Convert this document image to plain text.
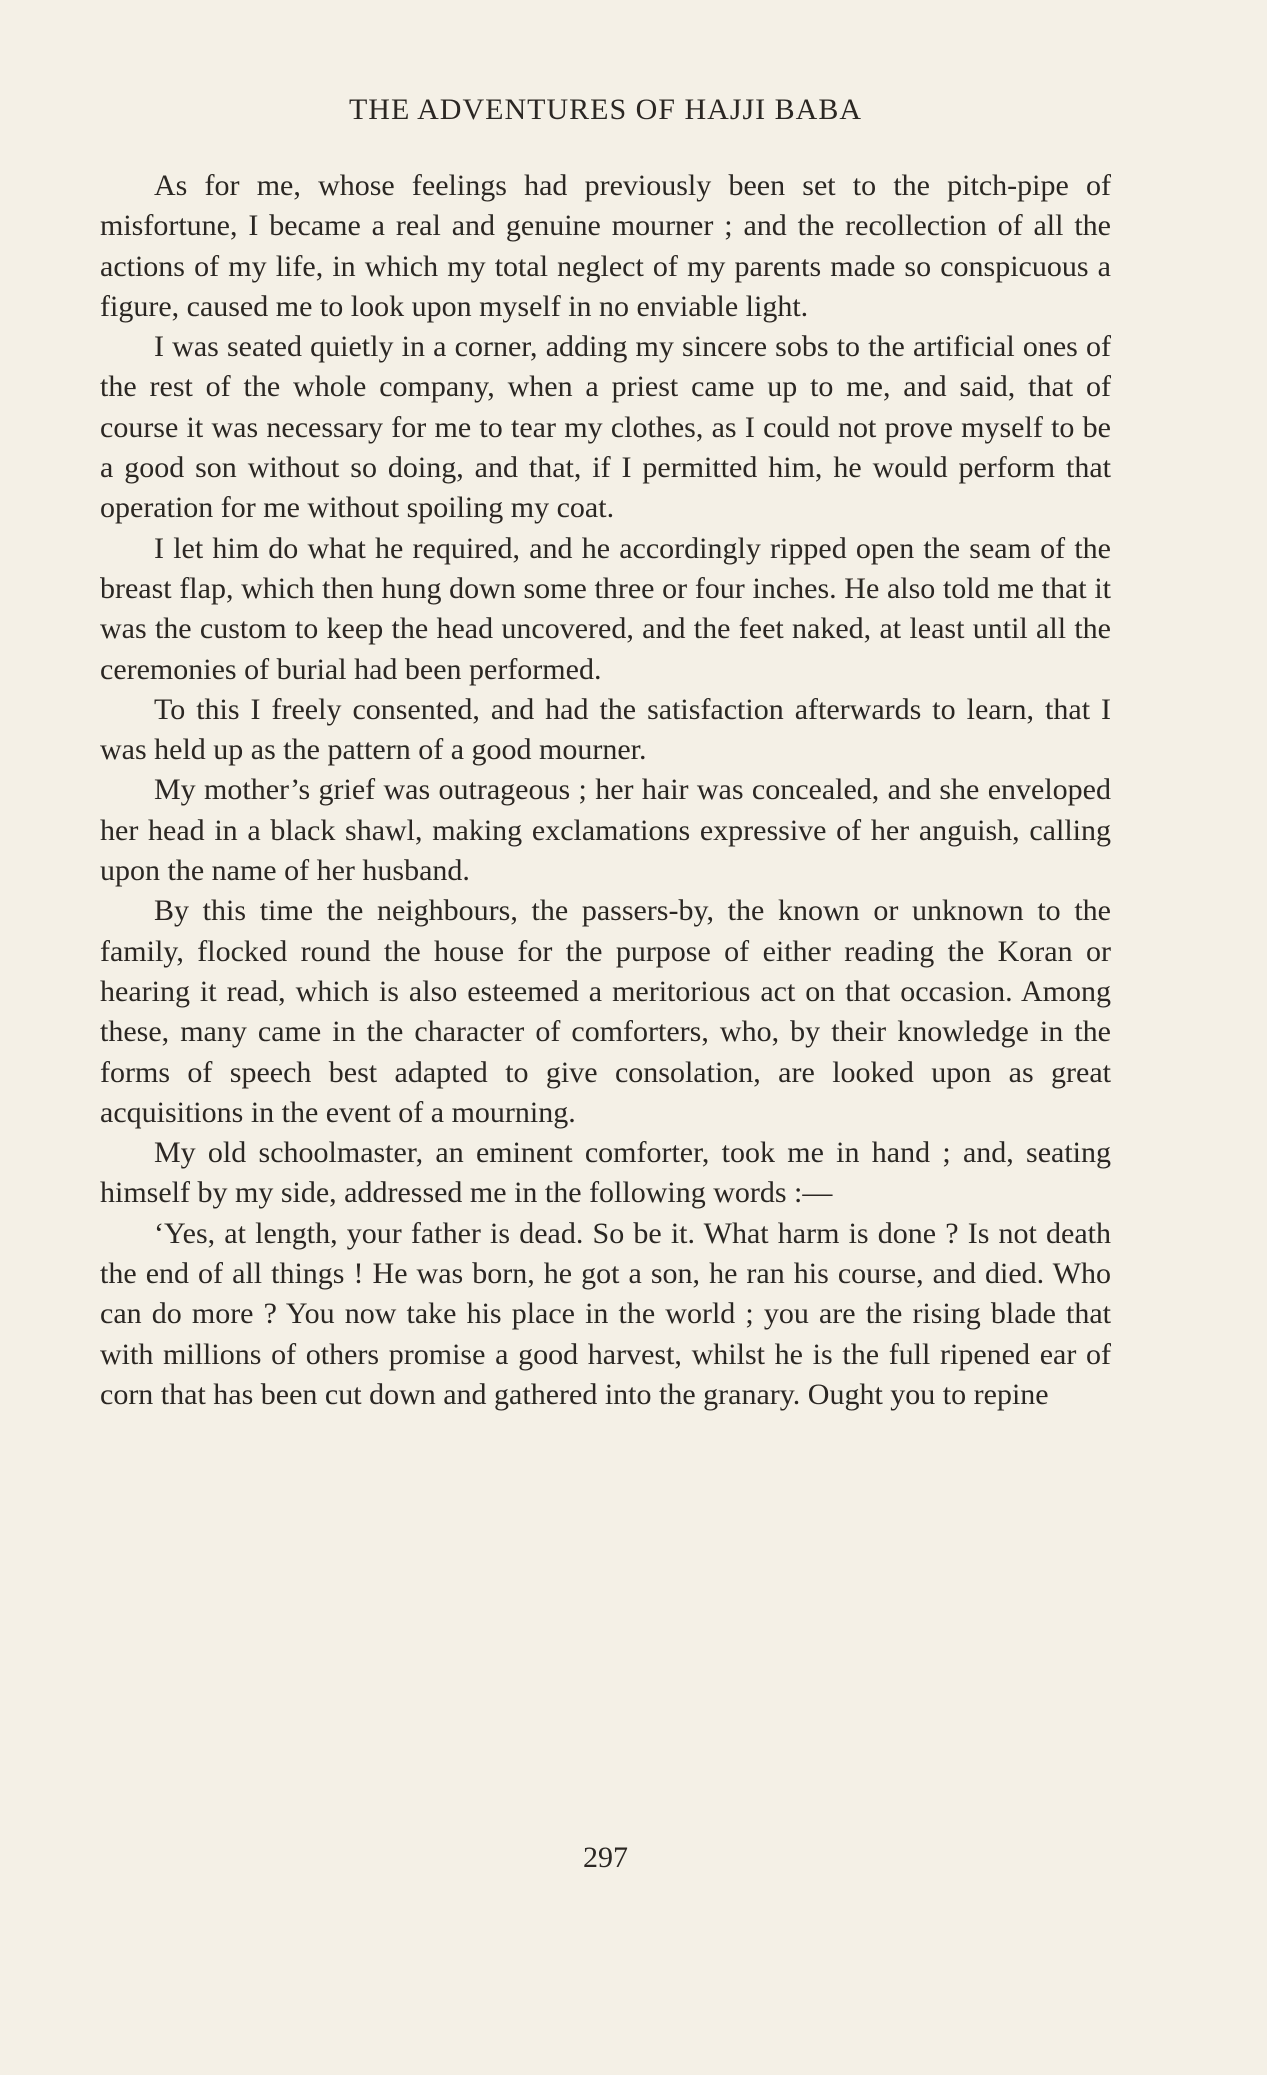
THE ADVENTURES OF HAJJI BABA

As for me, whose feelings had previously been set to the pitch-pipe of misfortune, I became a real and genuine mourner ; and the recollection of all the actions of my life, in which my total neglect of my parents made so conspicuous a figure, caused me to look upon myself in no enviable light.

I was seated quietly in a corner, adding my sincere sobs to the artificial ones of the rest of the whole company, when a priest came up to me, and said, that of course it was necessary for me to tear my clothes, as I could not prove myself to be a good son without so doing, and that, if I permitted him, he would perform that operation for me without spoiling my coat.

I let him do what he required, and he accordingly ripped open the seam of the breast flap, which then hung down some three or four inches. He also told me that it was the custom to keep the head uncovered, and the feet naked, at least until all the ceremonies of burial had been performed.

To this I freely consented, and had the satisfaction afterwards to learn, that I was held up as the pattern of a good mourner.

My mother’s grief was outrageous ; her hair was concealed, and she enveloped her head in a black shawl, making exclamations expressive of her anguish, calling upon the name of her husband.

By this time the neighbours, the passers-by, the known or unknown to the family, flocked round the house for the purpose of either reading the Koran or hearing it read, which is also esteemed a meritorious act on that occasion. Among these, many came in the character of comforters, who, by their knowledge in the forms of speech best adapted to give consolation, are looked upon as great acquisitions in the event of a mourning.

My old schoolmaster, an eminent comforter, took me in hand ; and, seating himself by my side, addressed me in the following words :—

‘Yes, at length, your father is dead. So be it. What harm is done ? Is not death the end of all things ! He was born, he got a son, he ran his course, and died. Who can do more ? You now take his place in the world ; you are the rising blade that with millions of others promise a good harvest, whilst he is the full ripened ear of corn that has been cut down and gathered into the granary. Ought you to repine

297
